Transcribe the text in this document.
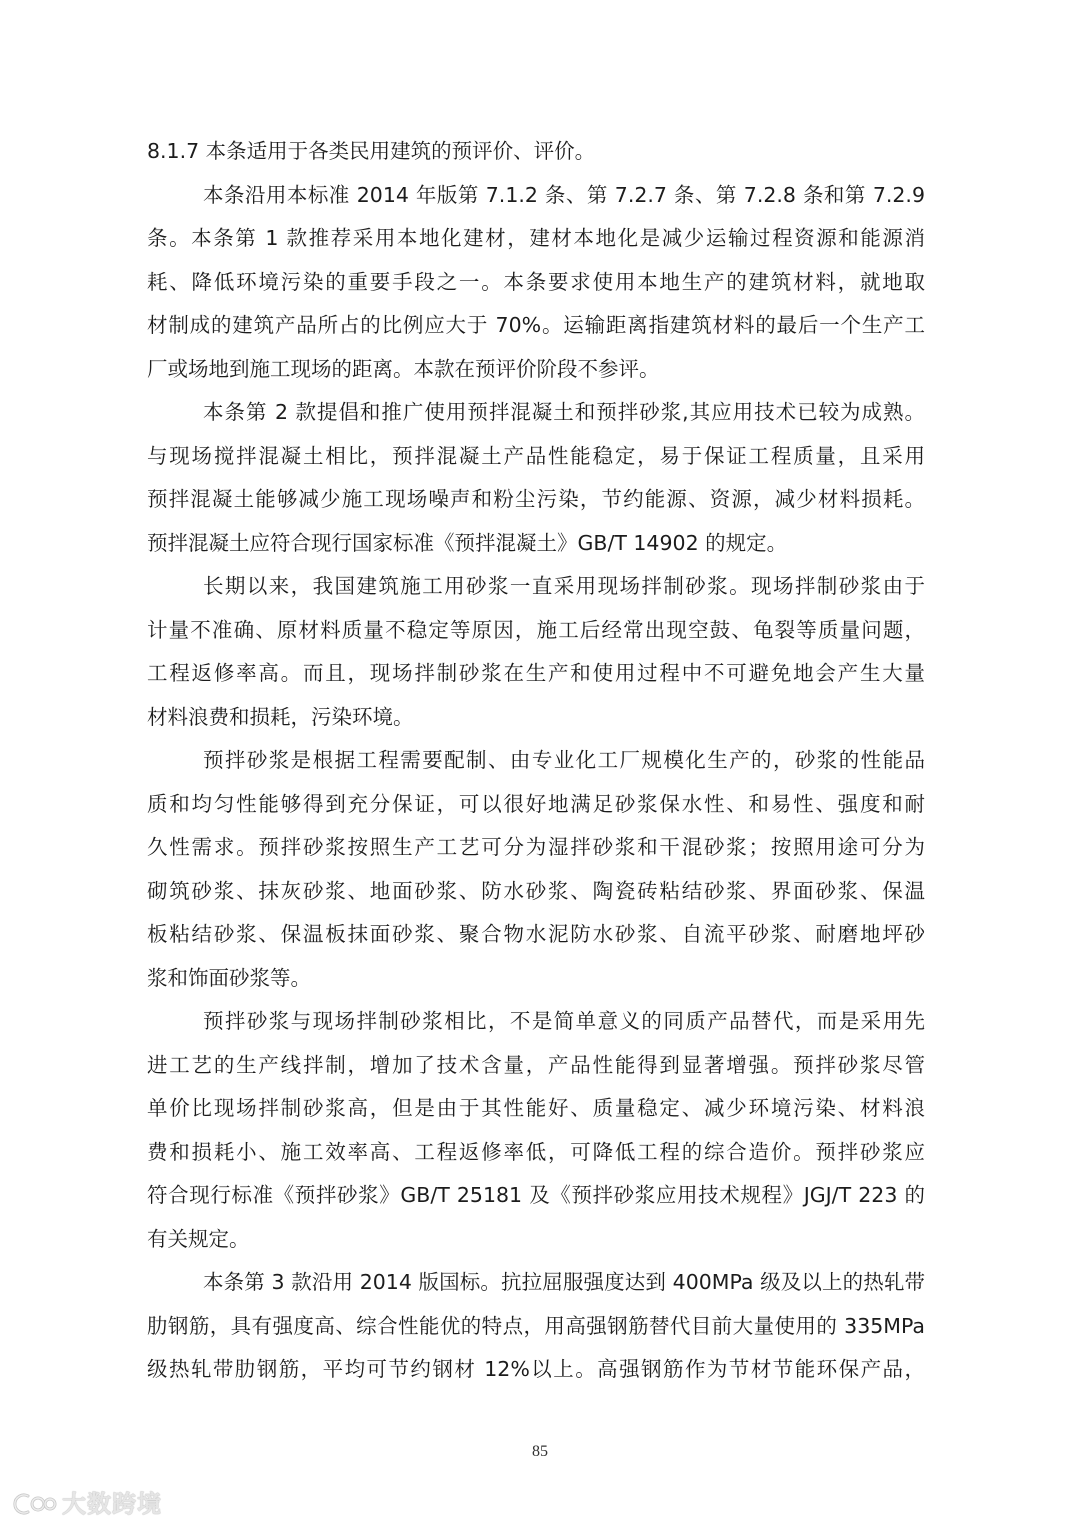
8.1.7 本条适用于各类民用建筑的预评价、评价。
本条沿用本标准 2014 年版第 7.1.2 条、第 7.2.7 条、第 7.2.8 条和第 7.2.9
条。本条第 1 款推荐采用本地化建材，建材本地化是减少运输过程资源和能源消
耗、降低环境污染的重要手段之一。本条要求使用本地生产的建筑材料，就地取
材制成的建筑产品所占的比例应大于 70%。运输距离指建筑材料的最后一个生产工
厂或场地到施工现场的距离。本款在预评价阶段不参评。
本条第 2 款提倡和推广使用预拌混凝土和预拌砂浆,其应用技术已较为成熟。
与现场搅拌混凝土相比，预拌混凝土产品性能稳定，易于保证工程质量，且采用
预拌混凝土能够减少施工现场噪声和粉尘污染，节约能源、资源，减少材料损耗。
预拌混凝土应符合现行国家标准《预拌混凝土》GB/T 14902 的规定。
长期以来，我国建筑施工用砂浆一直采用现场拌制砂浆。现场拌制砂浆由于
计量不准确、原材料质量不稳定等原因，施工后经常出现空鼓、龟裂等质量问题，
工程返修率高。而且，现场拌制砂浆在生产和使用过程中不可避免地会产生大量
材料浪费和损耗，污染环境。
预拌砂浆是根据工程需要配制、由专业化工厂规模化生产的，砂浆的性能品
质和均匀性能够得到充分保证，可以很好地满足砂浆保水性、和易性、强度和耐
久性需求。预拌砂浆按照生产工艺可分为湿拌砂浆和干混砂浆；按照用途可分为
砌筑砂浆、抹灰砂浆、地面砂浆、防水砂浆、陶瓷砖粘结砂浆、界面砂浆、保温
板粘结砂浆、保温板抹面砂浆、聚合物水泥防水砂浆、自流平砂浆、耐磨地坪砂
浆和饰面砂浆等。
预拌砂浆与现场拌制砂浆相比，不是简单意义的同质产品替代，而是采用先
进工艺的生产线拌制，增加了技术含量，产品性能得到显著增强。预拌砂浆尽管
单价比现场拌制砂浆高，但是由于其性能好、质量稳定、减少环境污染、材料浪
费和损耗小、施工效率高、工程返修率低，可降低工程的综合造价。预拌砂浆应
符合现行标准《预拌砂浆》GB/T 25181 及《预拌砂浆应用技术规程》JGJ/T 223 的
有关规定。
本条第 3 款沿用 2014 版国标。抗拉屈服强度达到 400MPa 级及以上的热轧带
肋钢筋，具有强度高、综合性能优的特点，用高强钢筋替代目前大量使用的 335MPa
级热轧带肋钢筋，平均可节约钢材 12%以上。高强钢筋作为节材节能环保产品，
85
大数跨境
